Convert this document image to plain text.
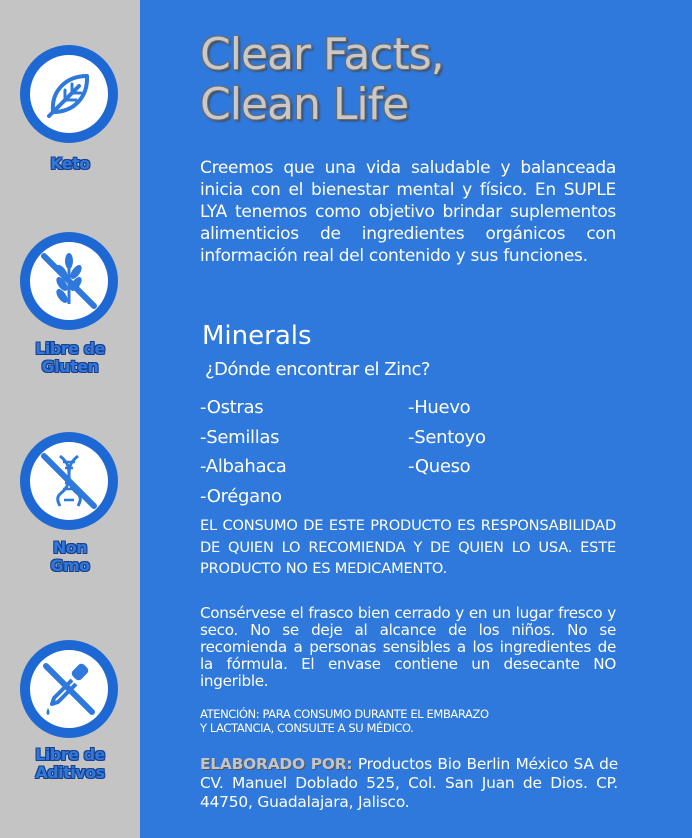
Keto
Libre de
Gluten
Non
Gmo
Libre de
Aditivos
Clear Facts,
Clean Life
Creemos que una vida saludable y balanceada inicia con el bienestar mental y físico. En SUPLE LYA tenemos como objetivo brindar suplementos alimenticios de ingredientes orgánicos con información real del contenido y sus funciones.
Minerals
¿Dónde encontrar el Zinc?
-Ostras
-Semillas
-Albahaca
-Orégano
-Huevo
-Sentoyo
-Queso
EL CONSUMO DE ESTE PRODUCTO ES RESPONSABILIDAD DE QUIEN LO RECOMIENDA Y DE QUIEN LO USA. ESTE PRODUCTO NO ES MEDICAMENTO.
Consérvese el frasco bien cerrado y en un lugar fresco y seco. No se deje al alcance de los niños. No se recomienda a personas sensibles a los ingredientes de la fórmula. El envase contiene un desecante NO ingerible.
ATENCIÓN: PARA CONSUMO DURANTE EL EMBARAZO
Y LACTANCIA, CONSULTE A SU MÉDICO.
ELABORADO POR: Productos Bio Berlin México SA de CV. Manuel Doblado 525, Col. San Juan de Dios. CP. 44750, Guadalajara, Jalisco.
